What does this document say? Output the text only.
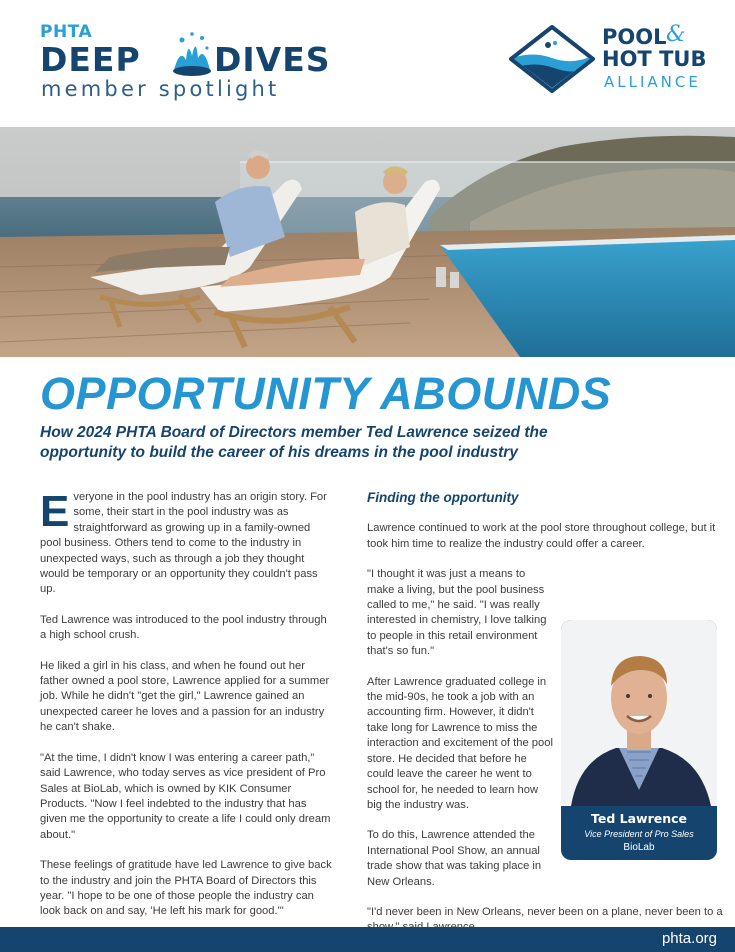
PHTA
DEEP DIVES
member spotlight
POOL &
HOT TUB
ALLIANCE
OPPORTUNITY ABOUNDS
How 2024 PHTA Board of Directors member Ted Lawrence seized the opportunity to build the career of his dreams in the pool industry

Everyone in the pool industry has an origin story. For some, their start in the pool industry was as straightforward as growing up in a family-owned pool business. Others tend to come to the industry in unexpected ways, such as through a job they thought would be temporary or an opportunity they couldn't pass up.

Ted Lawrence was introduced to the pool industry through a high school crush.

He liked a girl in his class, and when he found out her father owned a pool store, Lawrence applied for a summer job. While he didn't "get the girl," Lawrence gained an unexpected career he loves and a passion for an industry he can't shake.

"At the time, I didn't know I was entering a career path," said Lawrence, who today serves as vice president of Pro Sales at BioLab, which is owned by KIK Consumer Products. "Now I feel indebted to the industry that has given me the opportunity to create a life I could only dream about."

These feelings of gratitude have led Lawrence to give back to the industry and join the PHTA Board of Directors this year. "I hope to be one of those people the industry can look back on and say, 'He left his mark for good.'"

Finding the opportunity

Lawrence continued to work at the pool store throughout college, but it took him time to realize the industry could offer a career.

"I thought it was just a means to make a living, but the pool business called to me," he said. "I was really interested in chemistry, I love talking to people in this retail environment that's so fun."

After Lawrence graduated college in the mid-90s, he took a job with an accounting firm. However, it didn't take long for Lawrence to miss the interaction and excitement of the pool store. He decided that before he could leave the career he went to school for, he needed to learn how big the industry was.

To do this, Lawrence attended the International Pool Show, an annual trade show that was taking place in New Orleans.

"I'd never been in New Orleans, never been on a plane, never been to a

Ted Lawrence
Vice President of Pro Sales
BioLab
phta.org
